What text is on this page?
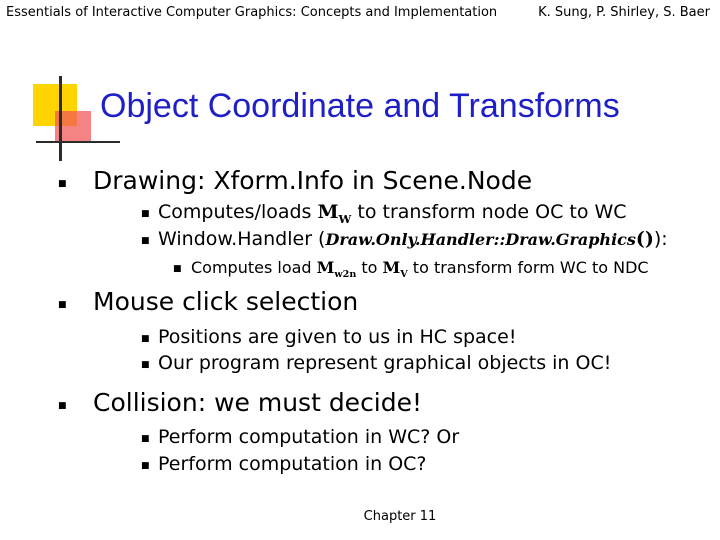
Essentials of Interactive Computer Graphics: Concepts and Implementation	K. Sung, P. Shirley, S. Baer
Object Coordinate and Transforms
■ Drawing: Xform.Info in Scene.Node
■ Computes/loads $M_W$ to transform node OC to WC
■ Window.Handler (Draw.Only.Handler::Draw.Graphics()):
■ Computes load $M_{w2n}$ to $M_V$ to transform form WC to NDC
■ Mouse click selection
■ Positions are given to us in HC space!
■ Our program represent graphical objects in OC!
■ Collision: we must decide!
■ Perform computation in WC? Or
■ Perform computation in OC?
Chapter 11
